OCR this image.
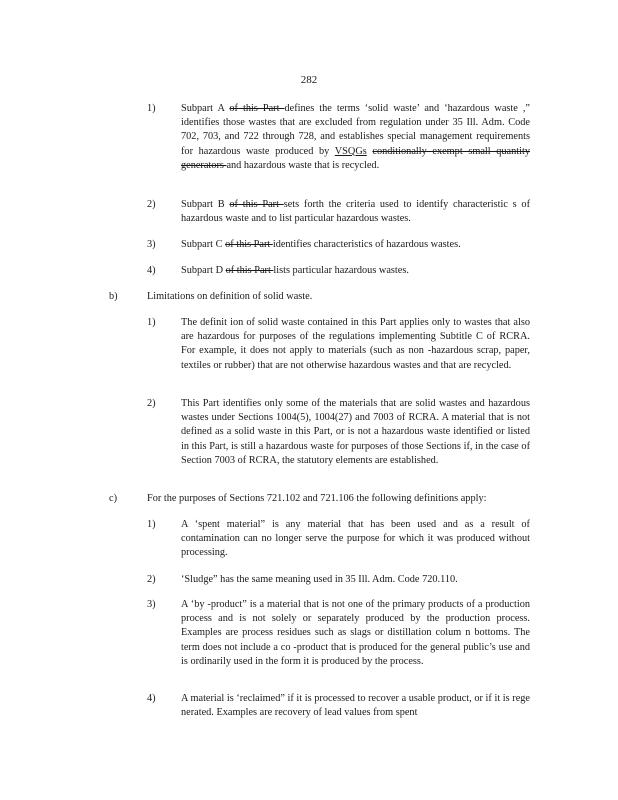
282
1) Subpart A of this Part defines the terms ‘solid waste’ and ‘hazardous waste ,” identifies those wastes that are excluded from regulation under 35 Ill. Adm. Code 702, 703, and 722 through 728, and establishes special management requirements for hazardous waste produced by VSQGs conditionally exempt small quantity generators and hazardous waste that is recycled.
2) Subpart B of this Part sets forth the criteria used to identify characteristic s of hazardous waste and to list particular hazardous wastes.
3) Subpart C of this Part identifies characteristics of hazardous wastes.
4) Subpart D of this Part lists particular hazardous wastes.
b)	Limitations on definition of solid waste.
1) The definit ion of solid waste contained in this Part applies only to wastes that also are hazardous for purposes of the regulations implementing Subtitle C of RCRA. For example, it does not apply to materials (such as non -hazardous scrap, paper, textiles or rubber) that are not otherwise hazardous wastes and that are recycled.
2) This Part identifies only some of the materials that are solid wastes and hazardous wastes under Sections 1004(5), 1004(27) and 7003 of RCRA. A material that is not defined as a solid waste in this Part, or is not a hazardous waste identified or listed in this Part, is still a hazardous waste for purposes of those Sections if, in the case of Section 7003 of RCRA, the statutory elements are established.
c)	For the purposes of Sections 721.102 and 721.106 the following definitions apply:
1) A ‘spent material” is any material that has been used and as a result of contamination can no longer serve the purpose for which it was produced without processing.
2) ‘Sludge” has the same meaning used in 35 Ill. Adm. Code 720.110.
3) A ‘by -product” is a material that is not one of the primary products of a production process and is not solely or separately produced by the production process. Examples are process residues such as slags or distillation colum n bottoms. The term does not include a co -product that is produced for the general public’s use and is ordinarily used in the form it is produced by the process.
4) A material is ‘reclaimed” if it is processed to recover a usable product, or if it is rege nerated. Examples are recovery of lead values from spent
